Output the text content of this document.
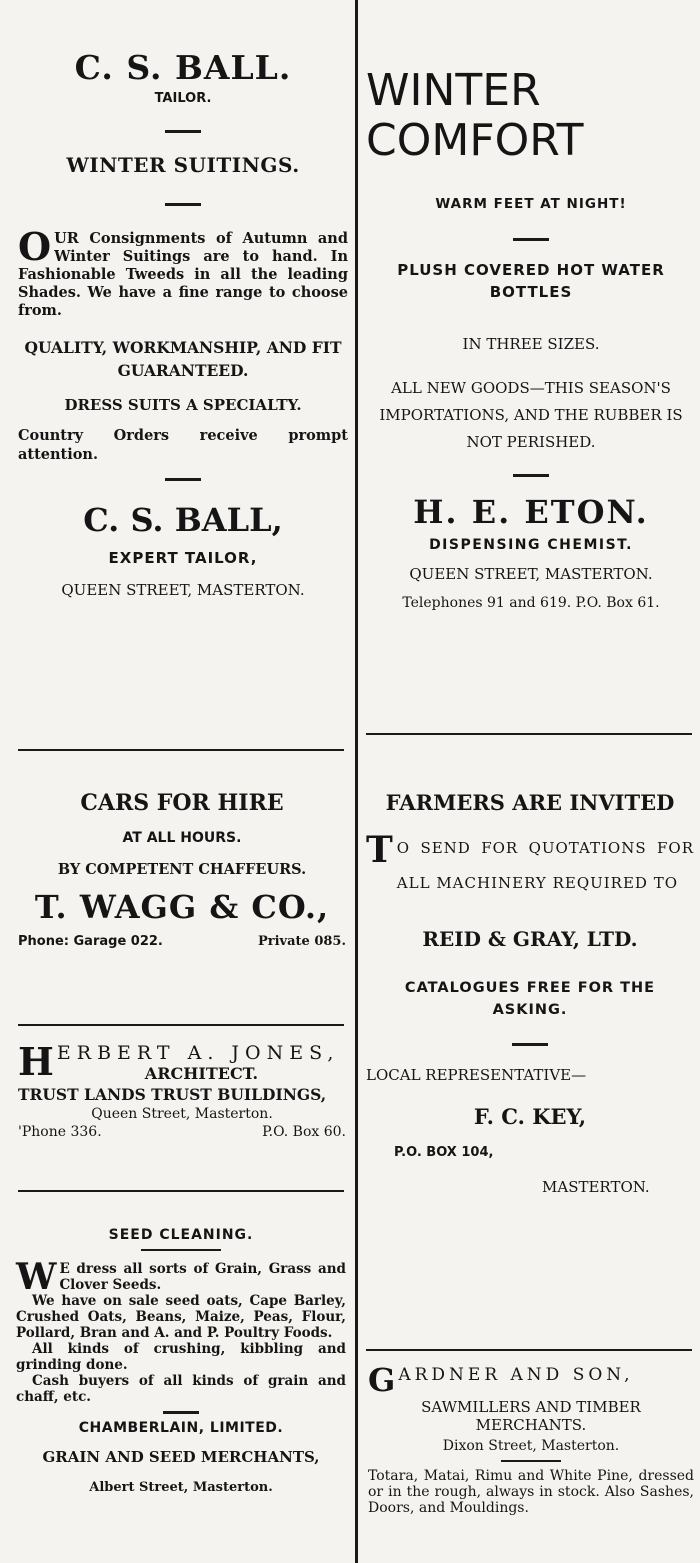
C. S. BALL.
TAILOR.
WINTER SUITINGS.
OUR Consignments of Autumn and Winter Suitings are to hand. In Fashionable Tweeds in all the leading Shades. We have a fine range to choose from.
QUALITY, WORKMANSHIP, AND FIT GUARANTEED.
DRESS SUITS A SPECIALTY.
Country Orders receive prompt attention.
C. S. BALL,
EXPERT TAILOR,
QUEEN STREET, MASTERTON.
CARS FOR HIRE
AT ALL HOURS.
BY COMPETENT CHAFFEURS.
T. WAGG & CO.,
Phone: Garage 022.	Private 085.
HERBERT A. JONES,
ARCHITECT.
TRUST LANDS TRUST BUILDINGS,
Queen Street, Masterton.
'Phone 336.	P.O. Box 60.
SEED CLEANING.
W E dress all sorts of Grain, Grass and Clover Seeds.
We have on sale seed oats, Cape Barley, Crushed Oats, Beans, Maize, Peas, Flour, Pollard, Bran and A. and P. Poultry Foods.
All kinds of crushing, kibbling and grinding done.
Cash buyers of all kinds of grain and chaff, etc.
CHAMBERLAIN, LIMITED.
GRAIN AND SEED MERCHANTS,
Albert Street, Masterton.
WINTER
COMFORT
WARM FEET AT NIGHT!
PLUSH COVERED HOT WATER
BOTTLES
IN THREE SIZES.
ALL NEW GOODS—THIS SEASON'S IMPORTATIONS, AND THE RUBBER IS NOT PERISHED.
H. E. ETON.
DISPENSING CHEMIST.
QUEEN STREET, MASTERTON.
Telephones 91 and 619. P.O. Box 61.
FARMERS ARE INVITED
T O SEND FOR QUOTATIONS FOR ALL MACHINERY REQUIRED TO
REID & GRAY, LTD.
CATALOGUES FREE FOR THE ASKING.
LOCAL REPRESENTATIVE—
F. C. KEY,
P.O. BOX 104,
MASTERTON.
GARDNER AND SON,
SAWMILLERS AND TIMBER MERCHANTS.
Dixon Street, Masterton.
Totara, Matai, Rimu and White Pine, dressed or in the rough, always in stock. Also Sashes, Doors, and Mouldings.
